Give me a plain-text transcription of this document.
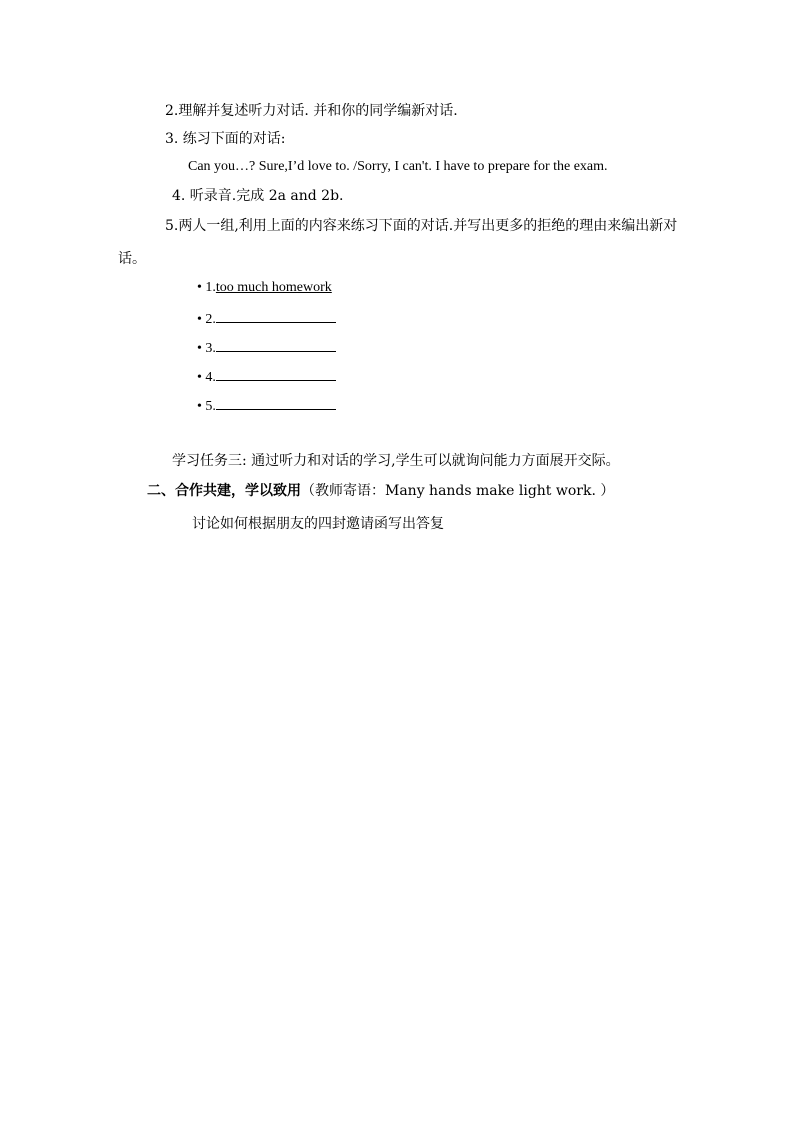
2.理解并复述听力对话. 并和你的同学编新对话.
3. 练习下面的对话:
Can you…? Sure,I’d love to. /Sorry, I can't. I have to prepare for the exam.
4. 听录音.完成 2a and 2b.
5.两人一组,利用上面的内容来练习下面的对话.并写出更多的拒绝的理由来编出新对
话。
• 1.too much homework
• 2.
• 3.
• 4.
• 5.
学习任务三: 通过听力和对话的学习,学生可以就询问能力方面展开交际。
二、合作共建，学以致用（教师寄语：Many hands make light work. ）
讨论如何根据朋友的四封邀请函写出答复
